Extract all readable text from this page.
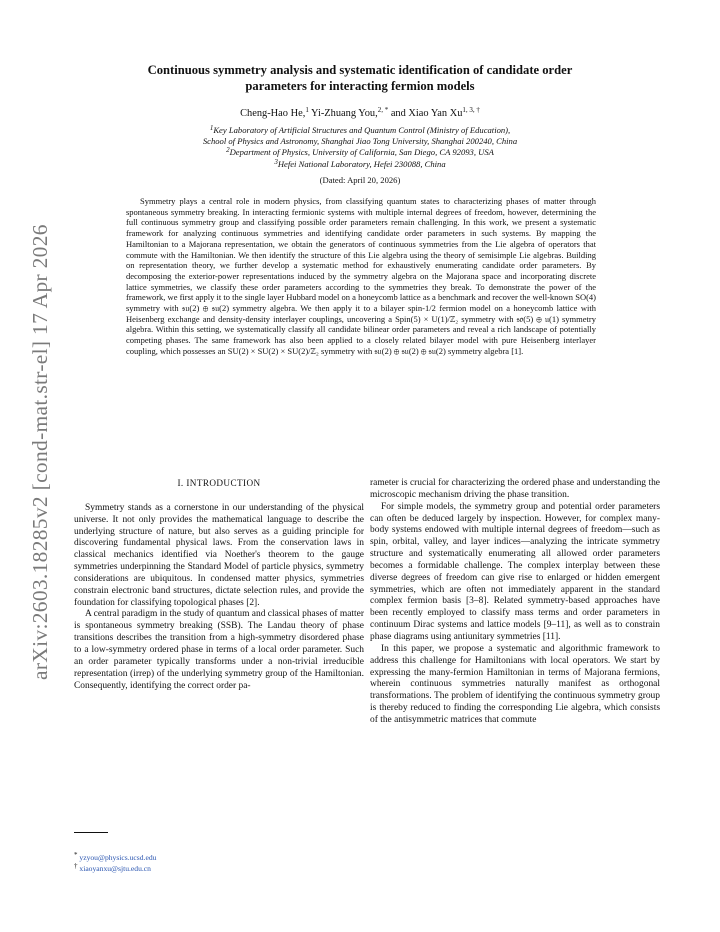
arXiv:2603.18285v2 [cond-mat.str-el] 17 Apr 2026
Continuous symmetry analysis and systematic identification of candidate order
parameters for interacting fermion models
Cheng-Hao He,$^1$ Yi-Zhuang You,$^{2, *}$ and Xiao Yan $Xu^{1, 3, \dagger}$
$^1$Key Laboratory of Artificial Structures and Quantum Control (Ministry of Education),
School of Physics and Astronomy, Shanghai Jiao Tong University, Shanghai 200240, China
$^2$Department of Physics, University of California, San Diego, CA 92093, USA
$^3$Hefei National Laboratory, Hefei 230088, China
(Dated: April 20, 2026)
Symmetry plays a central role in modern physics, from classifying quantum states to characterizing phases of matter through spontaneous symmetry breaking. In interacting fermionic systems with multiple internal degrees of freedom, however, determining the full continuous symmetry group and classifying possible order parameters remain challenging. In this work, we present a systematic framework for analyzing continuous symmetries and identifying candidate order parameters in such systems. By mapping the Hamiltonian to a Majorana representation, we obtain the generators of continuous symmetries from the Lie algebra of operators that commute with the Hamiltonian. We then identify the structure of this Lie algebra using the theory of semisimple Lie algebras. Building on representation theory, we further develop a systematic method for exhaustively enumerating candidate order parameters. By decomposing the exterior-power representations induced by the symmetry algebra on the Majorana space and incorporating discrete lattice symmetries, we classify these order parameters according to the symmetries they break. To demonstrate the power of the framework, we first apply it to the single layer Hubbard model on a honeycomb lattice as a benchmark and recover the well-known SO(4) symmetry with 𝔰𝔲(2) ⊕ 𝔰𝔲(2) symmetry algebra. We then apply it to a bilayer spin-1/2 fermion model on a honeycomb lattice with Heisenberg exchange and density-density interlayer couplings, uncovering a Spin(5) × U(1)/ℤ₂ symmetry with 𝔰𝔬(5) ⊕ 𝔲(1) symmetry algebra. Within this setting, we systematically classify all candidate bilinear order parameters and reveal a rich landscape of potentially competing phases. The same framework has also been applied to a closely related bilayer model with pure Heisenberg interlayer coupling, which possesses an SU(2) × SU(2) × SU(2)/ℤ₂ symmetry with 𝔰𝔲(2) ⊕ 𝔰𝔲(2) ⊕ 𝔰𝔲(2) symmetry algebra [1].
I. INTRODUCTION

Symmetry stands as a cornerstone in our understanding of the physical universe. It not only provides the mathematical language to describe the underlying structure of nature, but also serves as a guiding principle for discovering fundamental physical laws. From the conservation laws in classical mechanics identified via Noether's theorem to the gauge symmetries underpinning the Standard Model of particle physics, symmetry considerations are ubiquitous. In condensed matter physics, symmetries constrain electronic band structures, dictate selection rules, and provide the foundation for classifying topological phases [2].

A central paradigm in the study of quantum and classical phases of matter is spontaneous symmetry breaking (SSB). The Landau theory of phase transitions describes the transition from a high-symmetry disordered phase to a low-symmetry ordered phase in terms of a local order parameter. Such an order parameter typically transforms under a non-trivial irreducible representation (irrep) of the underlying symmetry group of the Hamiltonian. Consequently, identifying the correct order pa-

rameter is crucial for characterizing the ordered phase and understanding the microscopic mechanism driving the phase transition.

For simple models, the symmetry group and potential order parameters can often be deduced largely by inspection. However, for complex many-body systems endowed with multiple internal degrees of freedom—such as spin, orbital, valley, and layer indices—analyzing the intricate symmetry structure and systematically enumerating all allowed order parameters becomes a formidable challenge. The complex interplay between these diverse degrees of freedom can give rise to enlarged or hidden emergent symmetries, which are often not immediately apparent in the standard complex fermion basis [3–8]. Related symmetry-based approaches have been recently employed to classify mass terms and order parameters in continuum Dirac systems and lattice models [9–11], as well as to constrain phase diagrams using antiunitary symmetries [11].

In this paper, we propose a systematic and algorithmic framework to address this challenge for Hamiltonians with local operators. We start by expressing the many-fermion Hamiltonian in terms of Majorana fermions, wherein continuous symmetries naturally manifest as orthogonal transformations. The problem of identifying the continuous symmetry group is thereby reduced to finding the corresponding Lie algebra, which consists of the antisymmetric matrices that commute

* yzyou@physics.ucsd.edu
† xiaoyanxu@sjtu.edu.cn
